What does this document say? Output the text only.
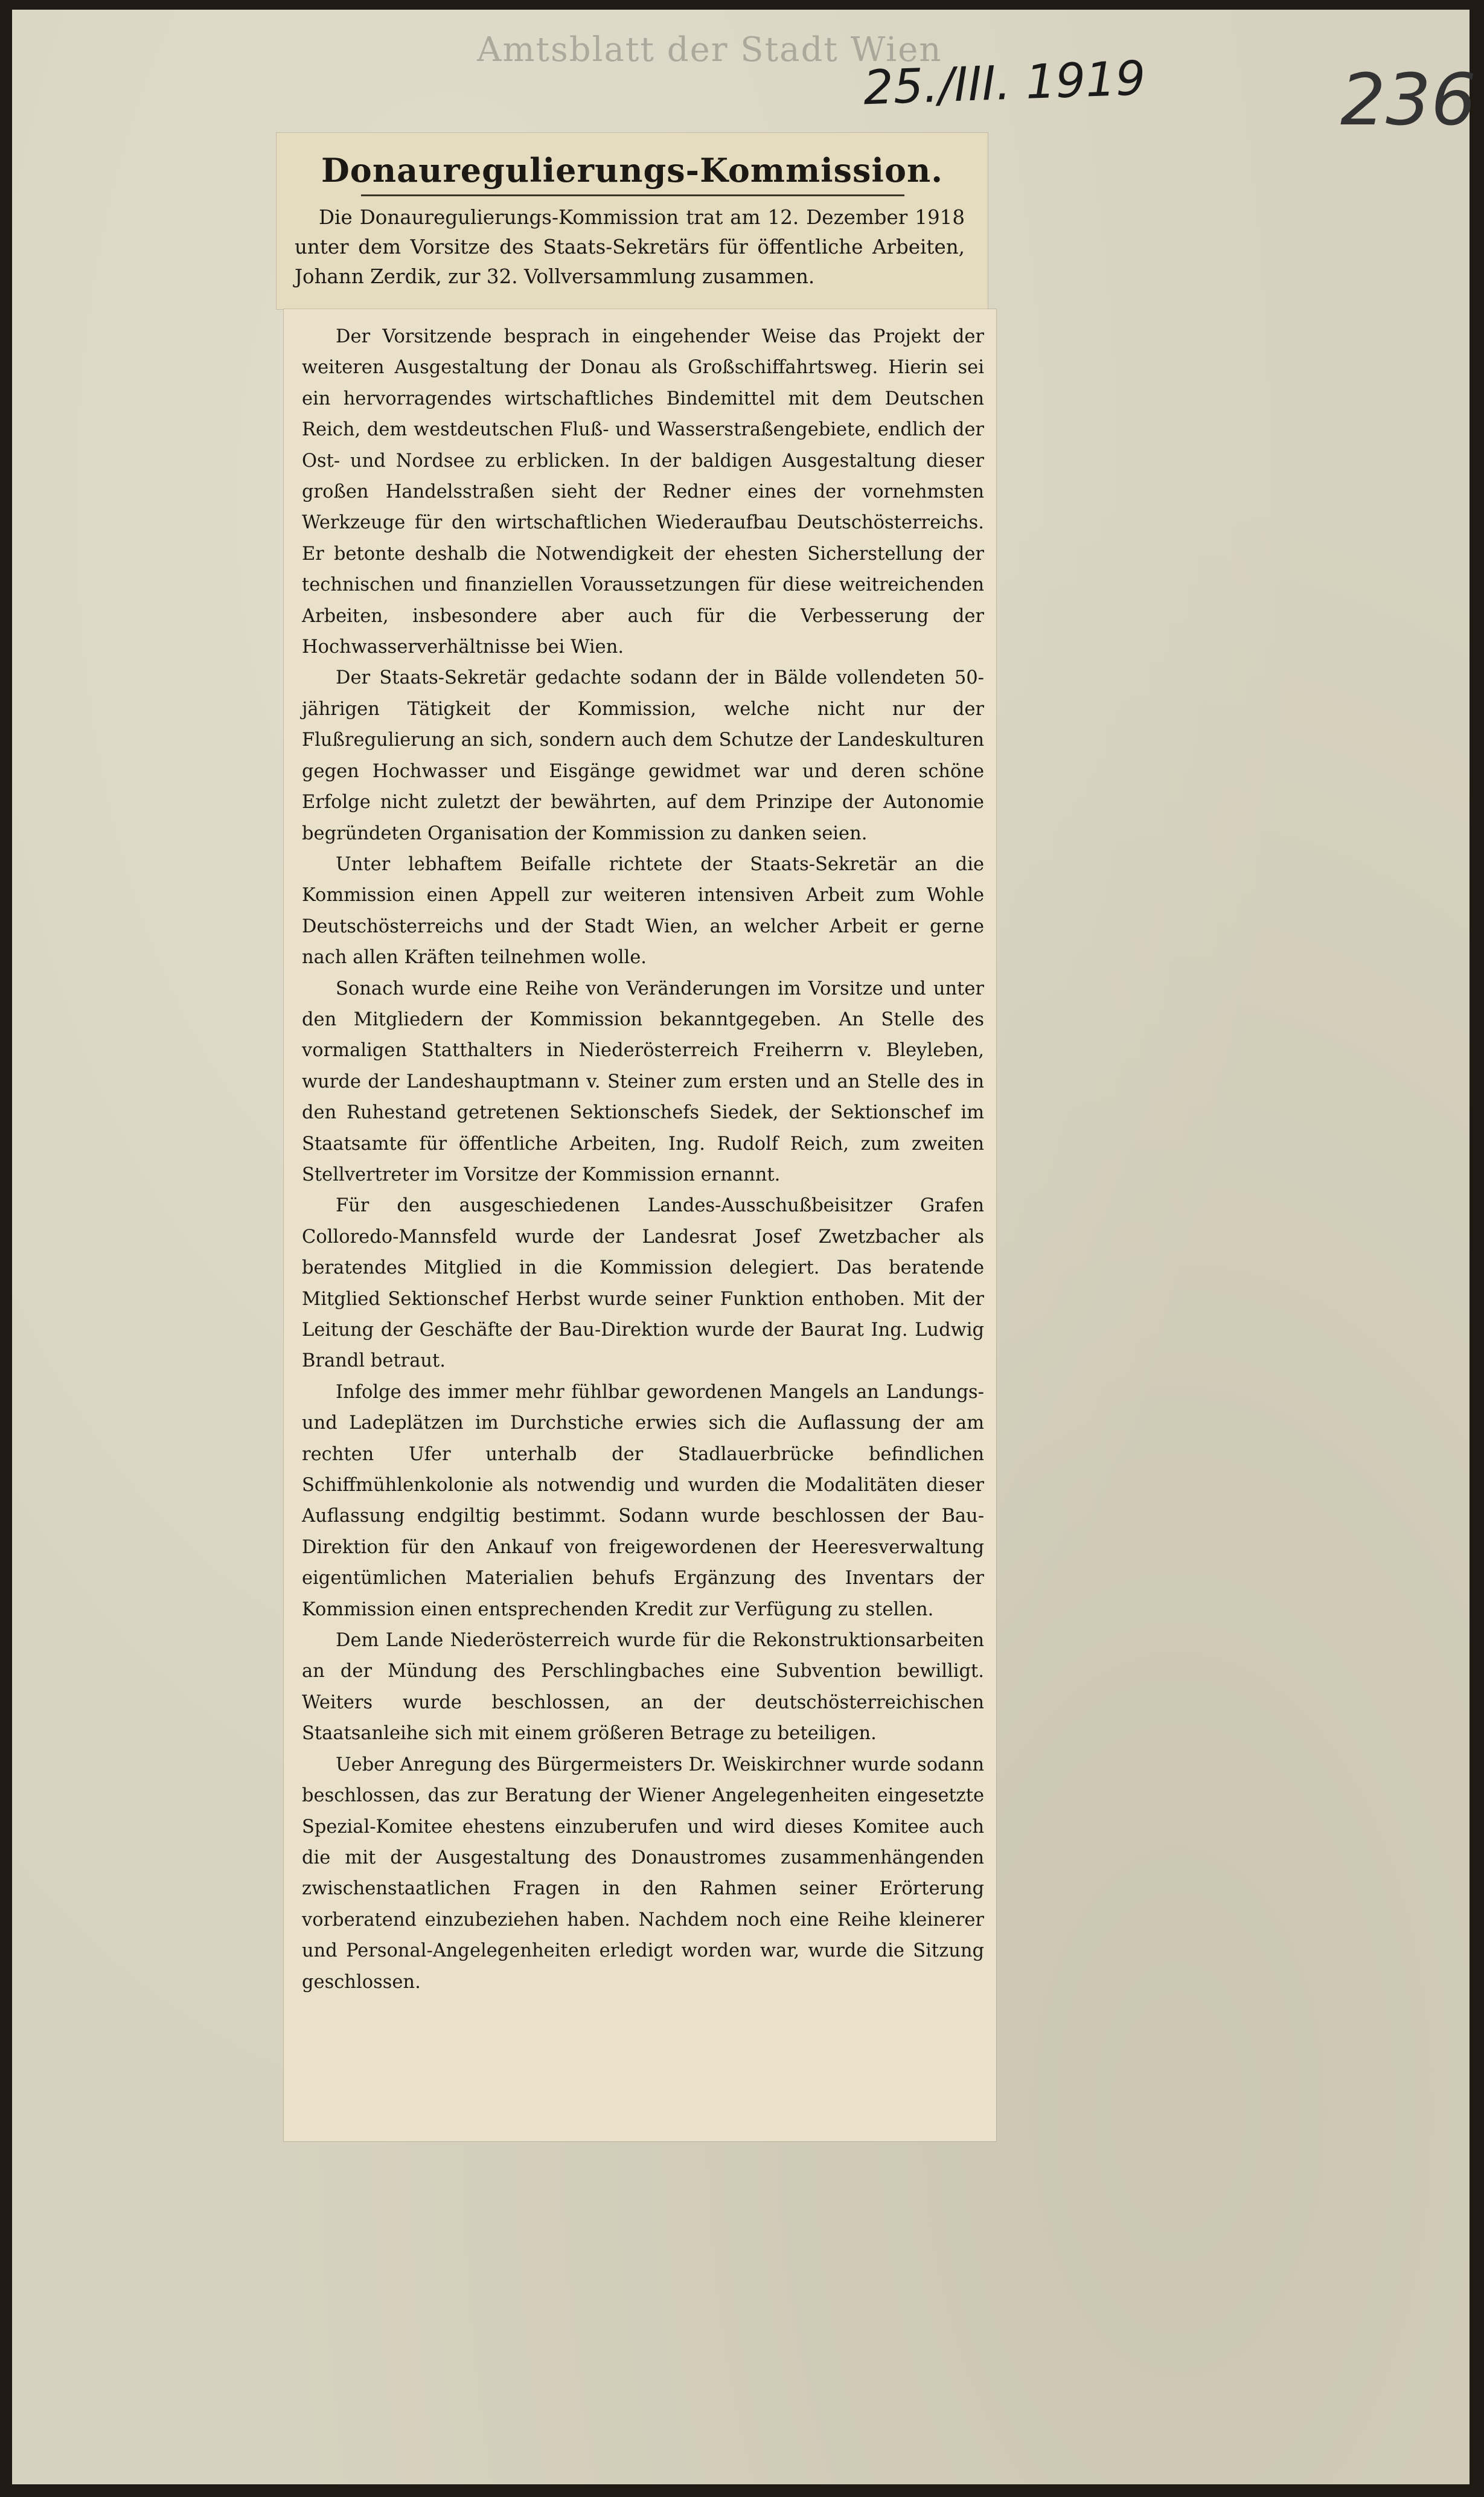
Amtsblatt der Stadt Wien
25./III. 1919	236
Donauregulierungs-Kommission.

Die Donauregulierungs-Kommission trat am 12. Dezember 1918 unter dem Vorsitze des Staats-Sekretärs für öffentliche Arbeiten, Johann Zerdik, zur 32. Vollversammlung zusammen.

Der Vorsitzende besprach in eingehender Weise das Projekt der weiteren Ausgestaltung der Donau als Großschiffahrtsweg. Hierin sei ein hervorragendes wirtschaftliches Bindemittel mit dem Deutschen Reich, dem westdeutschen Fluß- und Wasserstraßengebiete, endlich der Ost- und Nordsee zu erblicken. In der baldigen Ausgestaltung dieser großen Handelsstraßen sieht der Redner eines der vornehmsten Werkzeuge für den wirtschaftlichen Wiederaufbau Deutschösterreichs. Er betonte deshalb die Notwendigkeit der ehesten Sicherstellung der technischen und finanziellen Voraussetzungen für diese weitreichenden Arbeiten, insbesondere aber auch für die Verbesserung der Hochwasserverhältnisse bei Wien.

Der Staats-Sekretär gedachte sodann der in Bälde vollendeten 50-jährigen Tätigkeit der Kommission, welche nicht nur der Flußregulierung an sich, sondern auch dem Schutze der Landeskulturen gegen Hochwasser und Eisgänge gewidmet war und deren schöne Erfolge nicht zuletzt der bewährten, auf dem Prinzipe der Autonomie begründeten Organisation der Kommission zu danken seien.

Unter lebhaftem Beifalle richtete der Staats-Sekretär an die Kommission einen Appell zur weiteren intensiven Arbeit zum Wohle Deutschösterreichs und der Stadt Wien, an welcher Arbeit er gerne nach allen Kräften teilnehmen wolle.

Sonach wurde eine Reihe von Veränderungen im Vorsitze und unter den Mitgliedern der Kommission bekanntgegeben. An Stelle des vormaligen Statthalters in Niederösterreich Freiherrn v. Bleyleben, wurde der Landeshauptmann v. Steiner zum ersten und an Stelle des in den Ruhestand getretenen Sektionschefs Siedek, der Sektionschef im Staatsamte für öffentliche Arbeiten, Ing. Rudolf Reich, zum zweiten Stellvertreter im Vorsitze der Kommission ernannt.

Für den ausgeschiedenen Landes-Ausschußbeisitzer Grafen Colloredo-Mannsfeld wurde der Landesrat Josef Zwetzbacher als beratendes Mitglied in die Kommission delegiert. Das beratende Mitglied Sektionschef Herbst wurde seiner Funktion enthoben. Mit der Leitung der Geschäfte der Bau-Direktion wurde der Baurat Ing. Ludwig Brandl betraut.

Infolge des immer mehr fühlbar gewordenen Mangels an Landungs- und Ladeplätzen im Durchstiche erwies sich die Auflassung der am rechten Ufer unterhalb der Stadlauerbrücke befindlichen Schiffmühlenkolonie als notwendig und wurden die Modalitäten dieser Auflassung endgiltig bestimmt. Sodann wurde beschlossen der Bau-Direktion für den Ankauf von freigewordenen der Heeresverwaltung eigentümlichen Materialien behufs Ergänzung des Inventars der Kommission einen entsprechenden Kredit zur Verfügung zu stellen.

Dem Lande Niederösterreich wurde für die Rekonstruktionsarbeiten an der Mündung des Perschlingbaches eine Subvention bewilligt. Weiters wurde beschlossen, an der deutschösterreichischen Staatsanleihe sich mit einem größeren Betrage zu beteiligen.

Ueber Anregung des Bürgermeisters Dr. Weiskirchner wurde sodann beschlossen, das zur Beratung der Wiener Angelegenheiten eingesetzte Spezial-Komitee ehestens einzuberufen und wird dieses Komitee auch die mit der Ausgestaltung des Donaustromes zusammenhängenden zwischenstaatlichen Fragen in den Rahmen seiner Erörterung vorberatend einzubeziehen haben. Nachdem noch eine Reihe kleinerer und Personal-Angelegenheiten erledigt worden war, wurde die Sitzung geschlossen.
